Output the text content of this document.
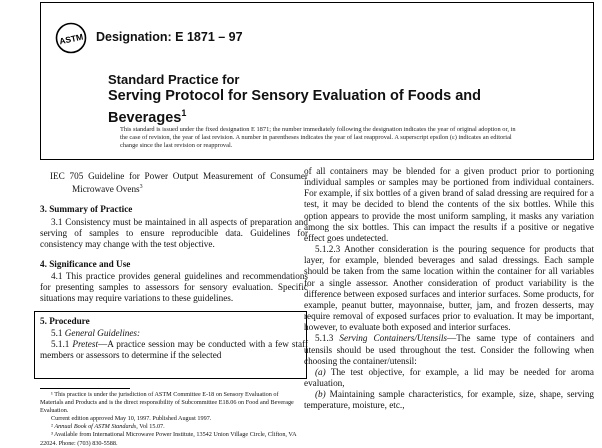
ASTM Designation: E 1871 – 97

Standard Practice for

Serving Protocol for Sensory Evaluation of Foods and

Beverages$^1$

This standard is issued under the fixed designation E 1871; the number immediately following the designation indicates the year of original adoption or, in the case of revision, the year of last revision. A number in parentheses indicates the year of last reapproval. A superscript epsilon (ε) indicates an editorial change since the last revision or reapproval.

IEC 705 Guideline for Power Output Measurement of Consumer Microwave Ovens$^3$

3. Summary of Practice

3.1 Consistency must be maintained in all aspects of preparation and serving of samples to ensure reproducible data. Guidelines for consistency may change with the test objective.

4. Significance and Use

4.1 This practice provides general guidelines and recommendations for presenting samples to assessors for sensory evaluation. Specific situations may require variations to these guidelines.

5. Procedure

5.1 General Guidelines:

5.1.1 Pretest—A practice session may be conducted with a few staff members or assessors to determine if the selected

¹ This practice is under the jurisdiction of ASTM Committee E-18 on Sensory Evaluation of Materials and Products and is the direct responsibility of Subcommittee E18.06 on Food and Beverage Evaluation.

Current edition approved May 10, 1997. Published August 1997.

² Annual Book of ASTM Standards, Vol 15.07.

³ Available from International Microwave Power Institute, 13542 Union Village Circle, Clifton, VA 22024. Phone: (703) 830-5588.

of all containers may be blended for a given product prior to portioning individual samples or samples may be portioned from individual containers. For example, if six bottles of a given brand of salad dressing are required for a test, it may be decided to blend the contents of the six bottles. While this option appears to provide the most uniform sampling, it masks any variation among the six bottles. This can impact the results if a positive or negative effect goes undetected.

5.1.2.3 Another consideration is the pouring sequence for products that layer, for example, blended beverages and salad dressings. Each sample should be taken from the same location within the container for all variables for a single assessor. Another consideration of product variability is the difference between exposed surfaces and interior surfaces. Some products, for example, peanut butter, mayonnaise, butter, jam, and frozen desserts, may require removal of exposed surfaces prior to evaluation. It may be important, however, to evaluate both exposed and interior surfaces.

5.1.3 Serving Containers/Utensils—The same type of containers and utensils should be used throughout the test. Consider the following when choosing the container/utensil:

(a) The test objective, for example, a lid may be needed for aroma evaluation,

(b) Maintaining sample characteristics, for example, size, shape, serving temperature, moisture, etc.,
